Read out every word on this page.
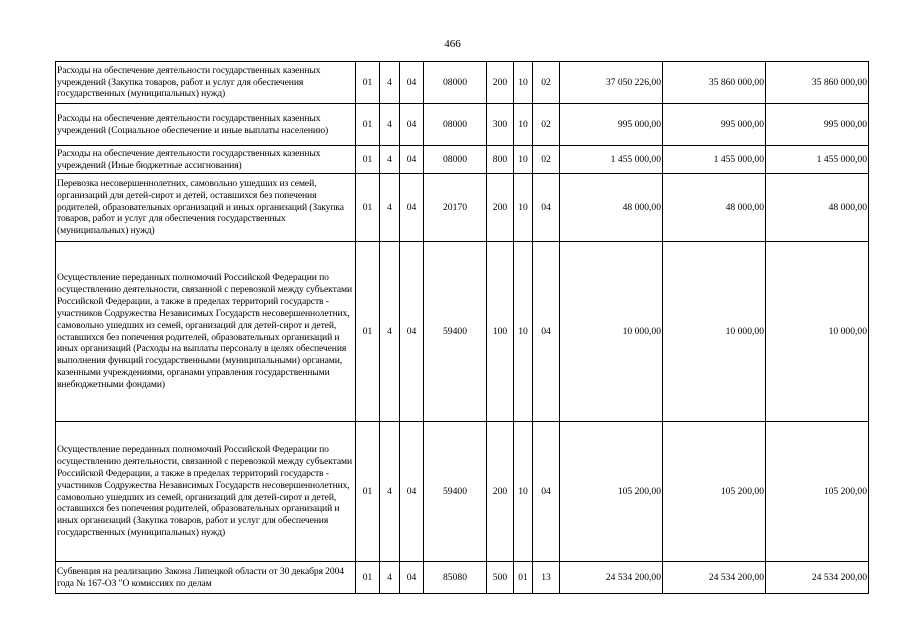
466
Расходы на обеспечение деятельности государственных казенных учреждений (Закупка товаров, работ и услуг для обеспечения государственных (муниципальных) нужд)	01	4	04	08000	200	10	02	37 050 226,00	35 860 000,00	35 860 000,00
Расходы на обеспечение деятельности государственных казенных учреждений (Социальное обеспечение и иные выплаты населению)	01	4	04	08000	300	10	02	995 000,00	995 000,00	995 000,00
Расходы на обеспечение деятельности государственных казенных учреждений (Иные бюджетные ассигнования)	01	4	04	08000	800	10	02	1 455 000,00	1 455 000,00	1 455 000,00
Перевозка несовершеннолетних, самовольно ушедших из семей, организаций для детей-сирот и детей, оставшихся без попечения родителей, образовательных организаций и иных организаций (Закупка товаров, работ и услуг для обеспечения государственных (муниципальных) нужд)	01	4	04	20170	200	10	04	48 000,00	48 000,00	48 000,00
Осуществление переданных полномочий Российской Федерации по осуществлению деятельности, связанной с перевозкой между субъектами Российской Федерации, а также в пределах территорий государств - участников Содружества Независимых Государств несовершеннолетних, самовольно ушедших из семей, организаций для детей-сирот и детей, оставшихся без попечения родителей, образовательных организаций и иных организаций (Расходы на выплаты персоналу в целях обеспечения выполнения функций государственными (муниципальными) органами, казенными учреждениями, органами управления государственными внебюджетными фондами)	01	4	04	59400	100	10	04	10 000,00	10 000,00	10 000,00
Осуществление переданных полномочий Российской Федерации по осуществлению деятельности, связанной с перевозкой между субъектами Российской Федерации, а также в пределах территорий государств - участников Содружества Независимых Государств несовершеннолетних, самовольно ушедших из семей, организаций для детей-сирот и детей, оставшихся без попечения родителей, образовательных организаций и иных организаций (Закупка товаров, работ и услуг для обеспечения государственных (муниципальных) нужд)	01	4	04	59400	200	10	04	105 200,00	105 200,00	105 200,00
Субвенция на реализацию Закона Липецкой области от 30 декабря 2004 года № 167-ОЗ "О комиссиях по делам	01	4	04	85080	500	01	13	24 534 200,00	24 534 200,00	24 534 200,00
